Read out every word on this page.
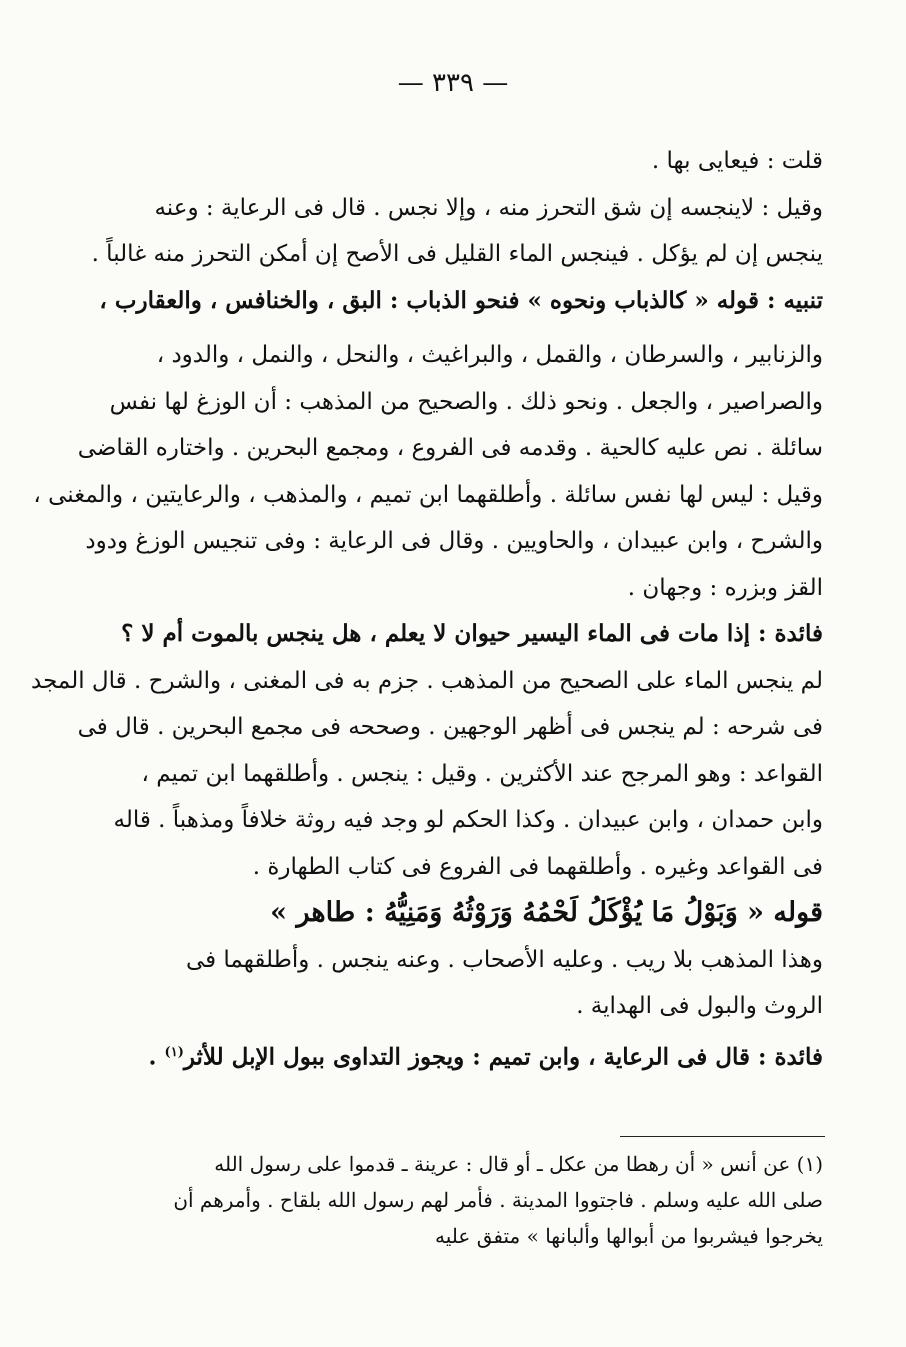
— ٣٣٩ —
قلت : فيعايى بها .
وقيل : لاينجسه إن شق التحرز منه ، وإلا نجس . قال فى الرعاية : وعنه
ينجس إن لم يؤكل . فينجس الماء القليل فى الأصح إن أمكن التحرز منه غالباً .
تنبيه : قوله « كالذباب ونحوه » فنحو الذباب : البق ، والخنافس ، والعقارب ،
والزنابير ، والسرطان ، والقمل ، والبراغيث ، والنحل ، والنمل ، والدود ،
والصراصير ، والجعل . ونحو ذلك . والصحيح من المذهب : أن الوزغ لها نفس
سائلة . نص عليه كالحية . وقدمه فى الفروع ، ومجمع البحرين . واختاره القاضى
وقيل : ليس لها نفس سائلة . وأطلقهما ابن تميم ، والمذهب ، والرعايتين ، والمغنى ،
والشرح ، وابن عبيدان ، والحاويين . وقال فى الرعاية : وفى تنجيس الوزغ ودود
القز وبزره : وجهان .
فائدة : إذا مات فى الماء اليسير حيوان لا يعلم ، هل ينجس بالموت أم لا ؟
لم ينجس الماء على الصحيح من المذهب . جزم به فى المغنى ، والشرح . قال المجد
فى شرحه : لم ينجس فى أظهر الوجهين . وصححه فى مجمع البحرين . قال فى
القواعد : وهو المرجح عند الأكثرين . وقيل : ينجس . وأطلقهما ابن تميم ،
وابن حمدان ، وابن عبيدان . وكذا الحكم لو وجد فيه روثة خلافاً ومذهباً . قاله
فى القواعد وغيره . وأطلقهما فى الفروع فى كتاب الطهارة .
قوله « وَبَوْلُ مَا يُؤْكَلُ لَحْمُهُ وَرَوْثُهُ وَمَنِيُّهُ : طاهر »
وهذا المذهب بلا ريب . وعليه الأصحاب . وعنه ينجس . وأطلقهما فى
الروث والبول فى الهداية .
فائدة : قال فى الرعاية ، وابن تميم : ويجوز التداوى ببول الإبل للأثر$^{(١)}$ .
(١) عن أنس « أن رهطا من عكل ـ أو قال : عرينة ـ قدموا على رسول الله
صلى الله عليه وسلم . فاجتووا المدينة . فأمر لهم رسول الله بلقاح . وأمرهم أن
يخرجوا فيشربوا من أبوالها وألبانها » متفق عليه
